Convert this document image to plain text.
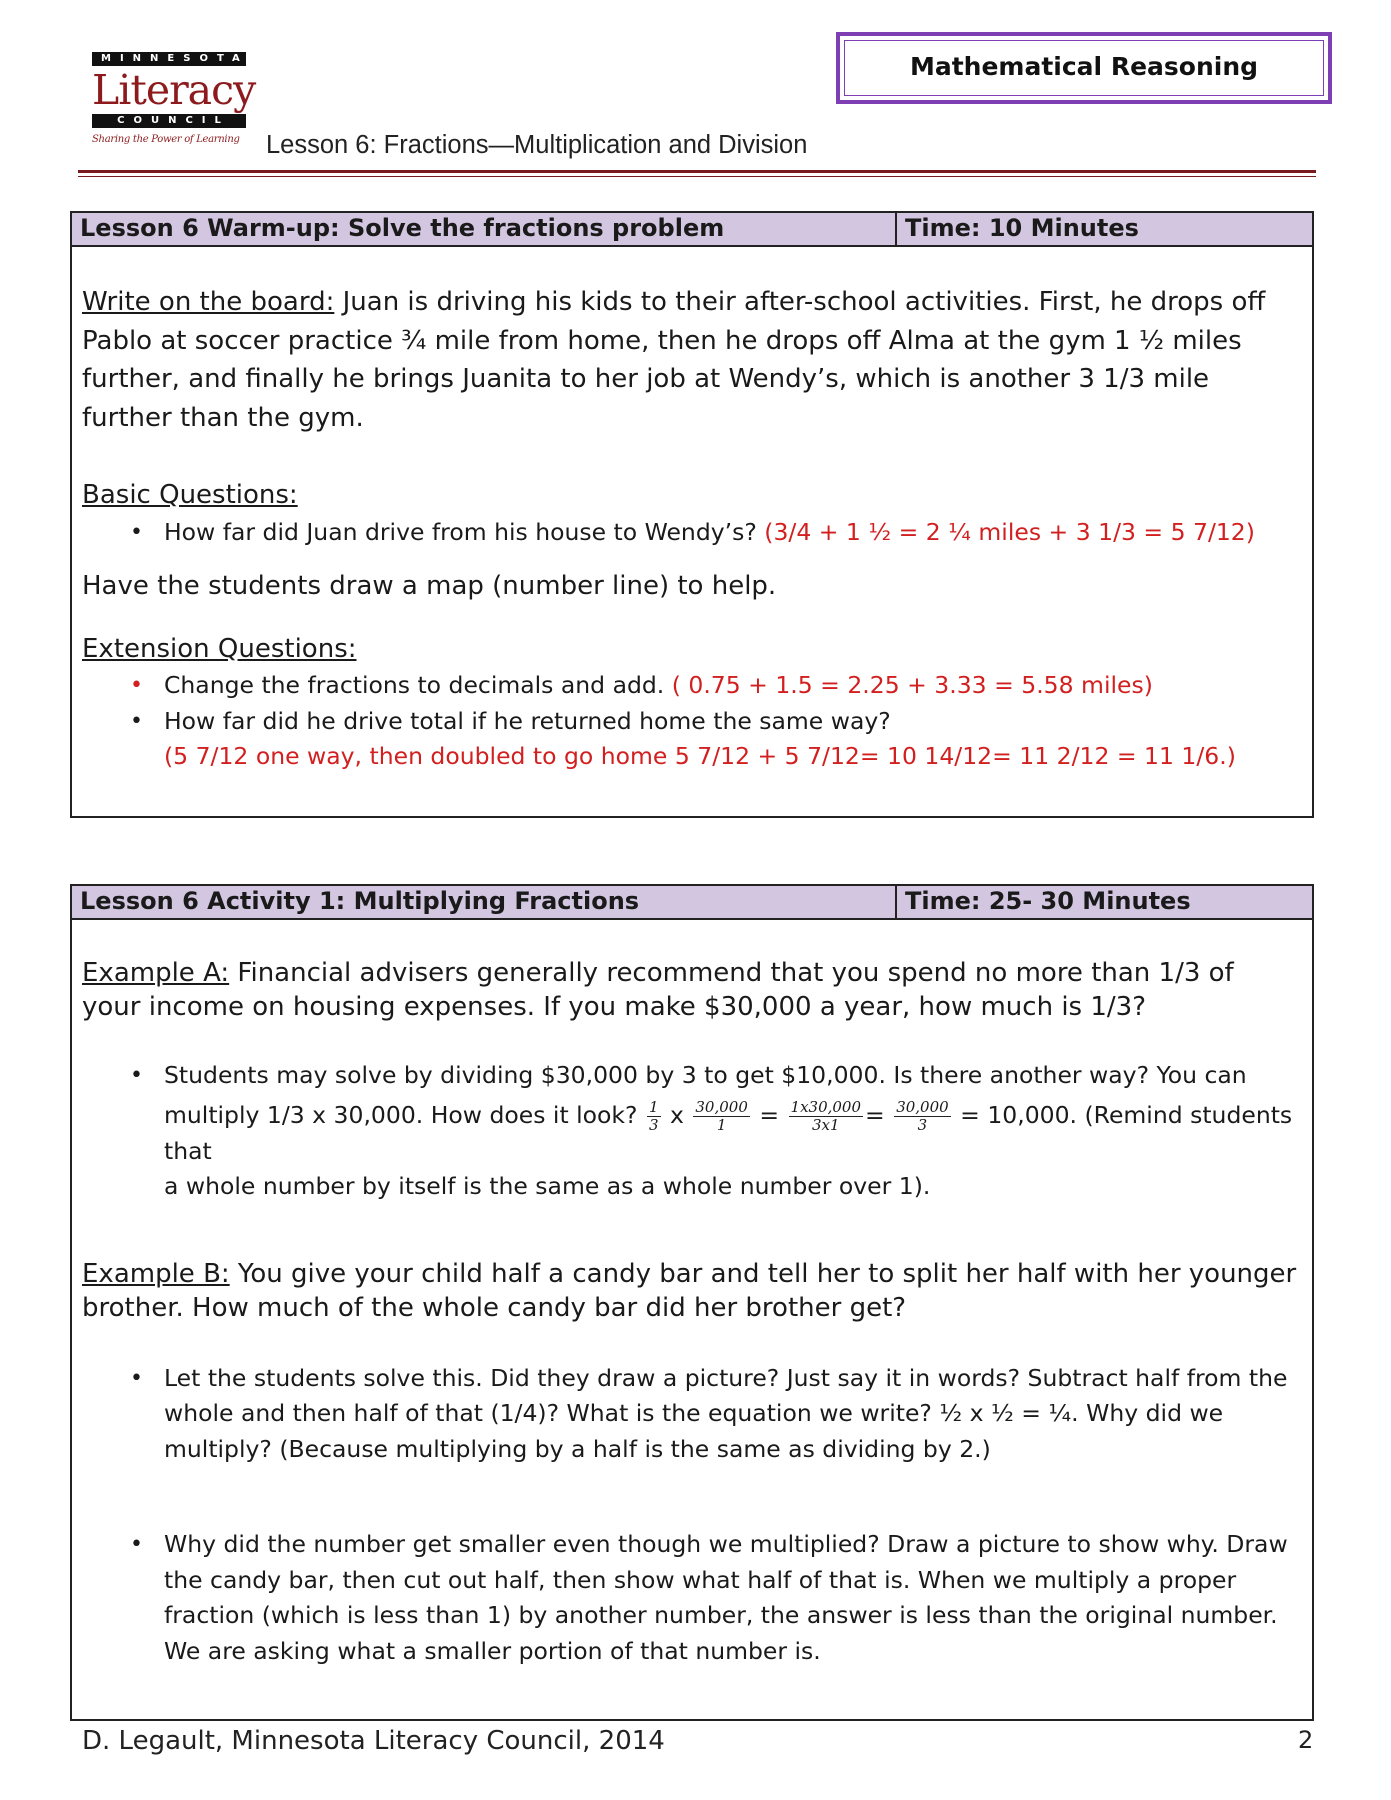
MINNESOTA
Literacy
COUNCIL
Sharing the Power of Learning
Mathematical Reasoning
Lesson 6: Fractions—Multiplication and Division
Lesson 6 Warm-up: Solve the fractions problem	Time: 10 Minutes

Write on the board: Juan is driving his kids to their after-school activities. First, he drops off Pablo at soccer practice ¾ mile from home, then he drops off Alma at the gym 1 ½ miles further, and finally he brings Juanita to her job at Wendy’s, which is another 3 1/3 mile further than the gym.

Basic Questions:

• How far did Juan drive from his house to Wendy’s? (3/4 + 1 ½ = 2 ¼ miles + 3 1/3 = 5 7/12)

Have the students draw a map (number line) to help.

Extension Questions:

• Change the fractions to decimals and add. ( 0.75 + 1.5 = 2.25 + 3.33 = 5.58 miles)
• How far did he drive total if he returned home the same way?
(5 7/12 one way, then doubled to go home 5 7/12 + 5 7/12= 10 14/12= 11 2/12 = 11 1/6.)
Lesson 6 Activity 1: Multiplying Fractions	Time: 25- 30 Minutes

Example A: Financial advisers generally recommend that you spend no more than 1/3 of your income on housing expenses. If you make $30,000 a year, how much is 1/3?

• Students may solve by dividing $30,000 by 3 to get $10,000. Is there another way? You can
multiply 1/3 x 30,000. How does it look? $\frac{1}{3}$ x $\frac{30,000}{1} = \frac{1x30,000}{3x1} = \frac{30,000}{3} = 10,000$. (Remind students that
a whole number by itself is the same as a whole number over 1).

Example B: You give your child half a candy bar and tell her to split her half with her younger brother. How much of the whole candy bar did her brother get?

• Let the students solve this. Did they draw a picture? Just say it in words? Subtract half from the whole and then half of that (1/4)? What is the equation we write? ½ x ½ = ¼. Why did we multiply? (Because multiplying by a half is the same as dividing by 2.)
• Why did the number get smaller even though we multiplied? Draw a picture to show why. Draw the candy bar, then cut out half, then show what half of that is. When we multiply a proper fraction (which is less than 1) by another number, the answer is less than the original number. We are asking what a smaller portion of that number is.
D. Legault, Minnesota Literacy Council, 2014	2
